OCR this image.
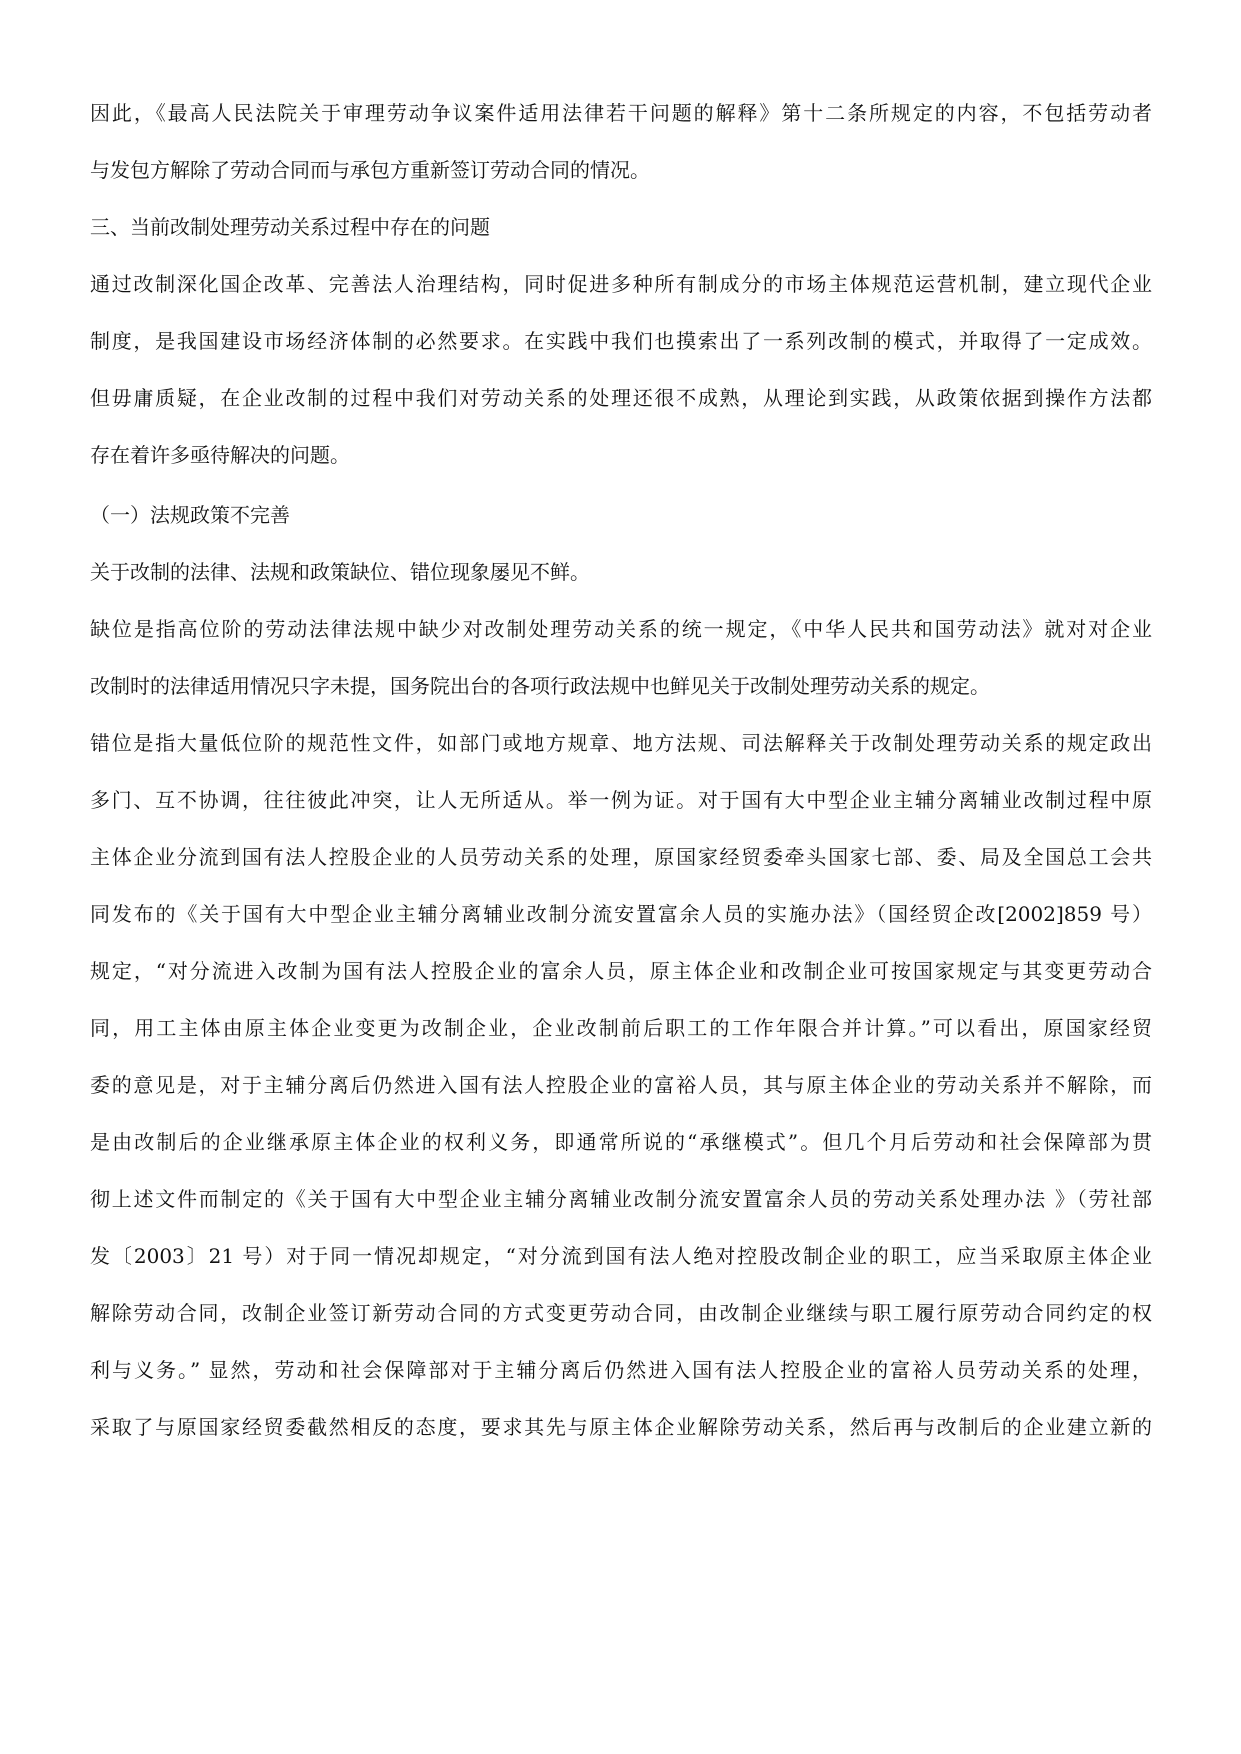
因此，《最高人民法院关于审理劳动争议案件适用法律若干问题的解释》第十二条所规定的内容，不包括劳动者
与发包方解除了劳动合同而与承包方重新签订劳动合同的情况。
三、当前改制处理劳动关系过程中存在的问题
通过改制深化国企改革、完善法人治理结构，同时促进多种所有制成分的市场主体规范运营机制，建立现代企业
制度，是我国建设市场经济体制的必然要求。在实践中我们也摸索出了一系列改制的模式，并取得了一定成效。
但毋庸质疑，在企业改制的过程中我们对劳动关系的处理还很不成熟，从理论到实践，从政策依据到操作方法都
存在着许多亟待解决的问题。
（一）法规政策不完善
关于改制的法律、法规和政策缺位、错位现象屡见不鲜。
缺位是指高位阶的劳动法律法规中缺少对改制处理劳动关系的统一规定，《中华人民共和国劳动法》就对对企业
改制时的法律适用情况只字未提，国务院出台的各项行政法规中也鲜见关于改制处理劳动关系的规定。
错位是指大量低位阶的规范性文件，如部门或地方规章、地方法规、司法解释关于改制处理劳动关系的规定政出
多门、互不协调，往往彼此冲突，让人无所适从。举一例为证。对于国有大中型企业主辅分离辅业改制过程中原
主体企业分流到国有法人控股企业的人员劳动关系的处理，原国家经贸委牵头国家七部、委、局及全国总工会共
同发布的《关于国有大中型企业主辅分离辅业改制分流安置富余人员的实施办法》（国经贸企改[2002]859 号）
规定，“对分流进入改制为国有法人控股企业的富余人员，原主体企业和改制企业可按国家规定与其变更劳动合
同，用工主体由原主体企业变更为改制企业，企业改制前后职工的工作年限合并计算。”可以看出，原国家经贸
委的意见是，对于主辅分离后仍然进入国有法人控股企业的富裕人员，其与原主体企业的劳动关系并不解除，而
是由改制后的企业继承原主体企业的权利义务，即通常所说的“承继模式”。但几个月后劳动和社会保障部为贯
彻上述文件而制定的《关于国有大中型企业主辅分离辅业改制分流安置富余人员的劳动关系处理办法 》（劳社部
发〔2003〕21 号）对于同一情况却规定，“对分流到国有法人绝对控股改制企业的职工，应当采取原主体企业
解除劳动合同，改制企业签订新劳动合同的方式变更劳动合同，由改制企业继续与职工履行原劳动合同约定的权
利与义务。” 显然，劳动和社会保障部对于主辅分离后仍然进入国有法人控股企业的富裕人员劳动关系的处理，
采取了与原国家经贸委截然相反的态度，要求其先与原主体企业解除劳动关系，然后再与改制后的企业建立新的
